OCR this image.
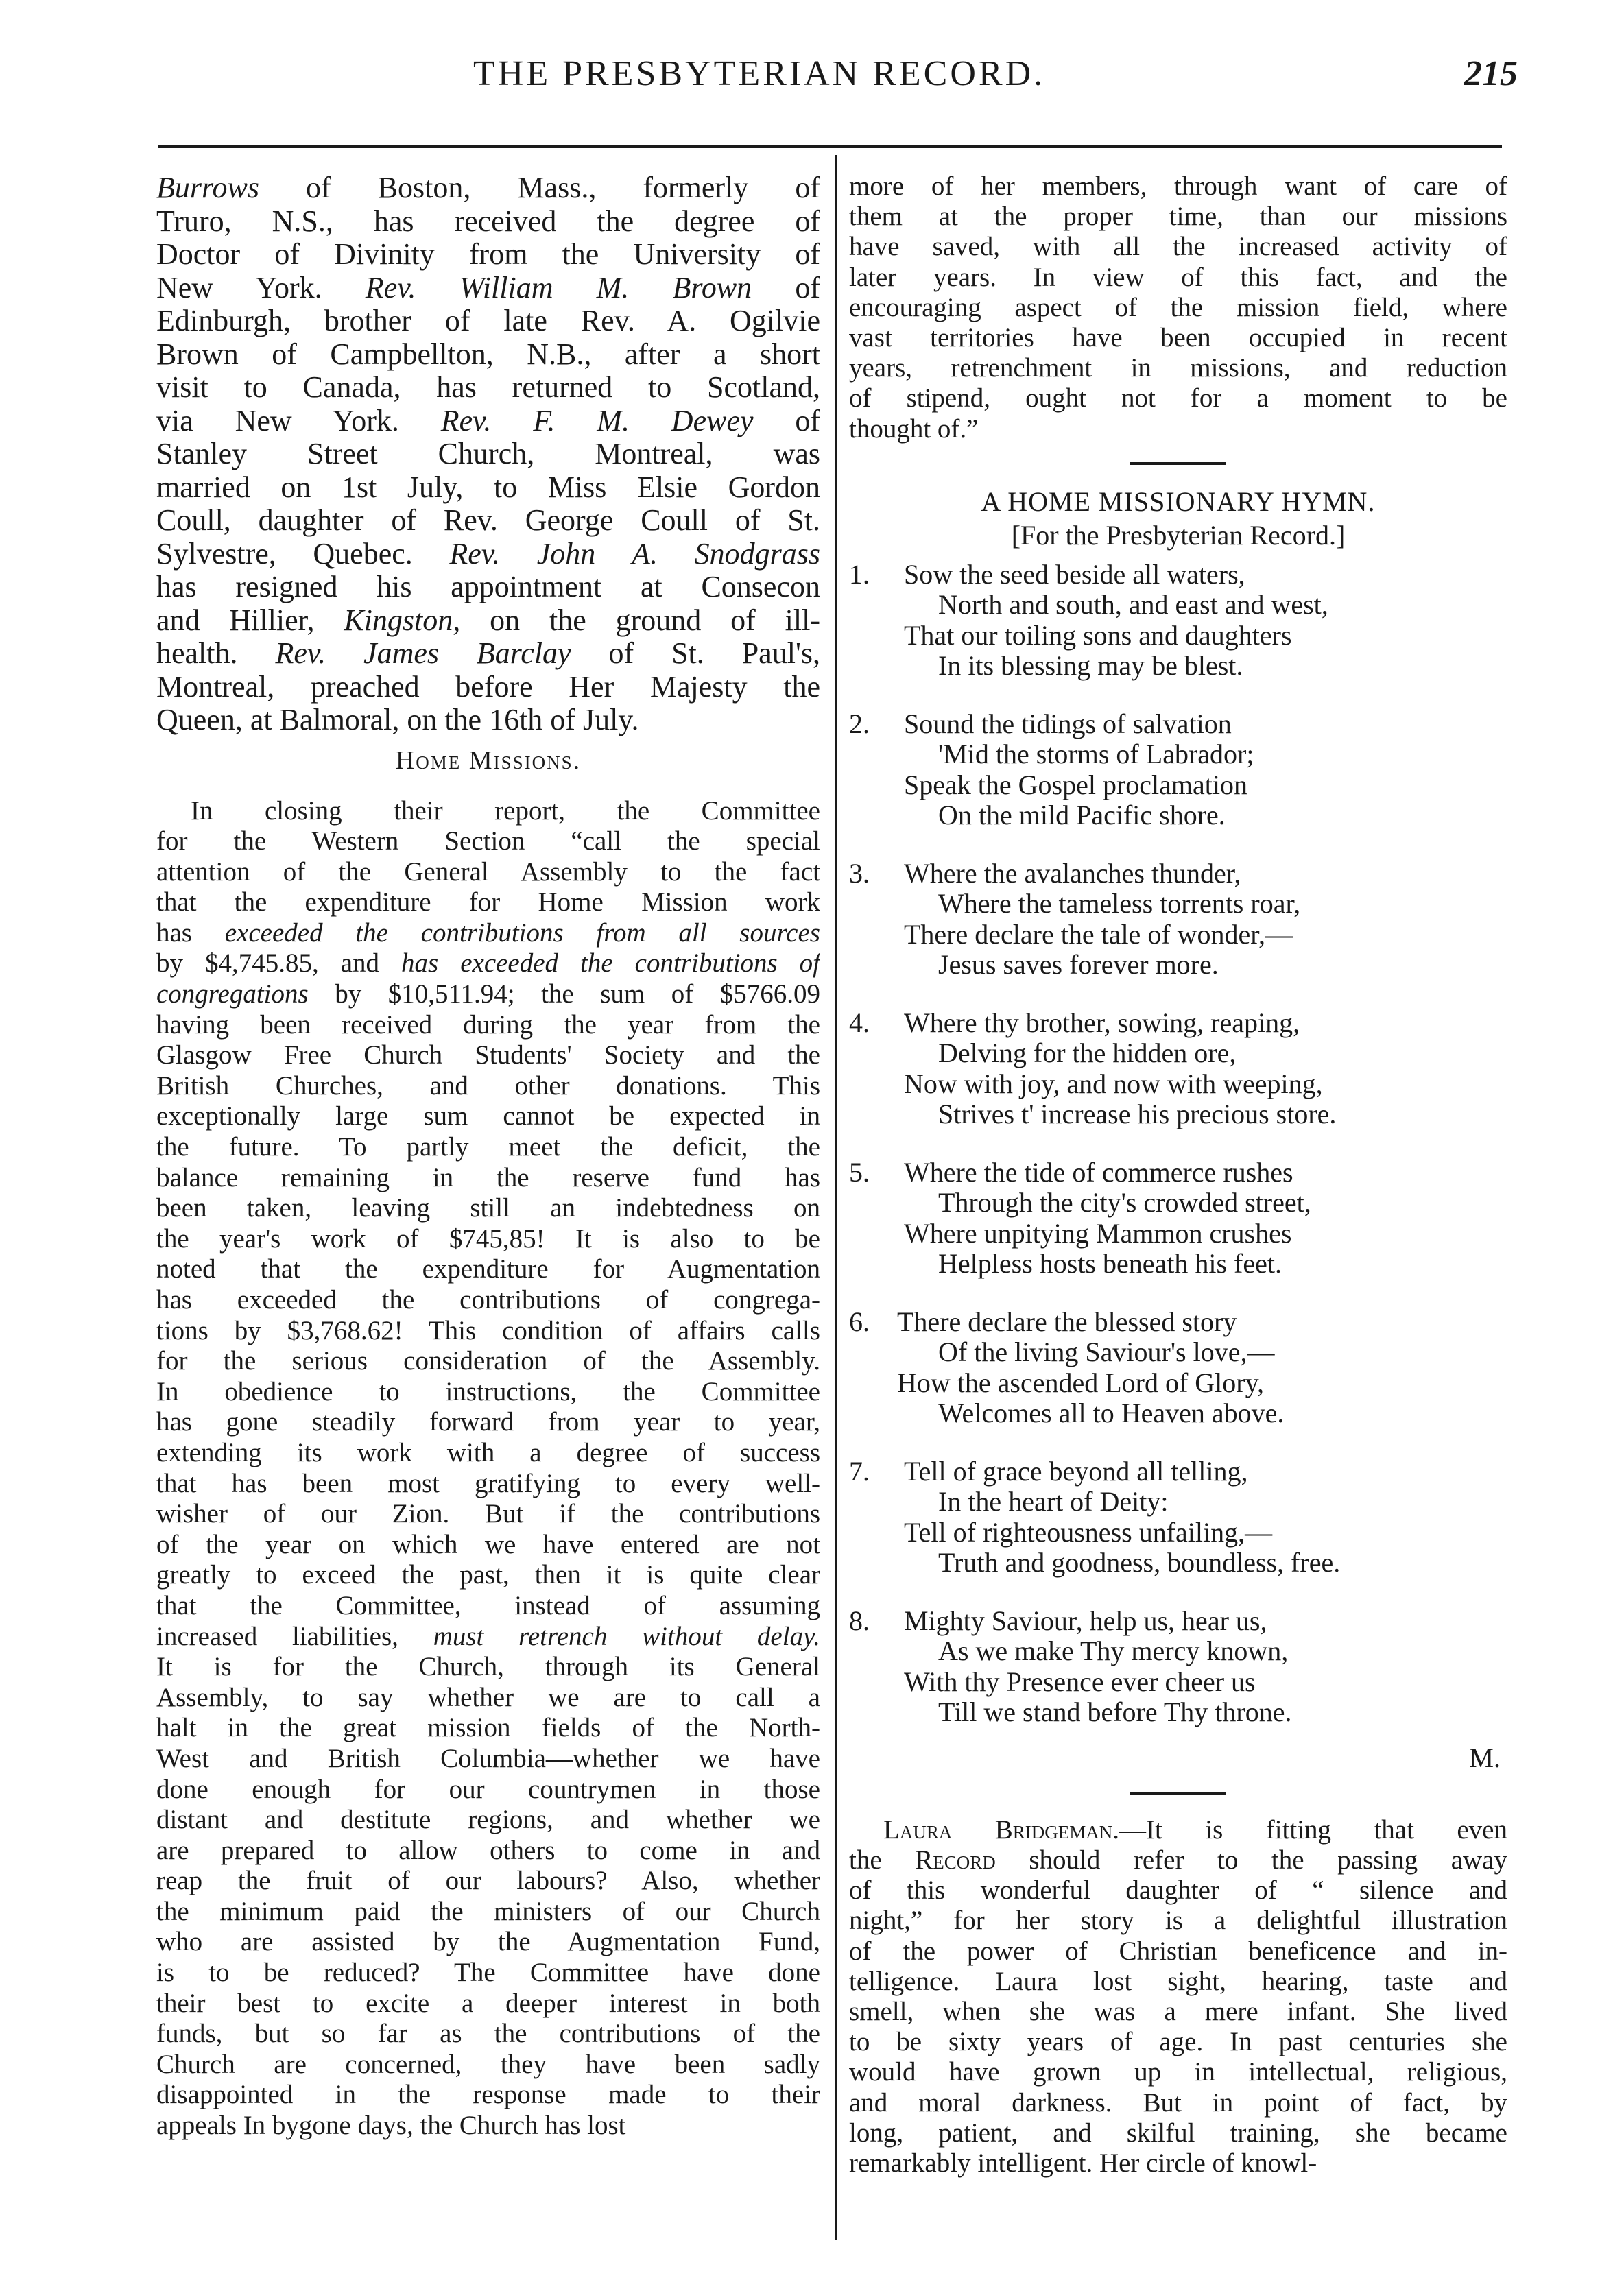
THE PRESBYTERIAN RECORD.	215

Burrows of Boston, Mass., formerly of
Truro, N.S., has received the degree of
Doctor of Divinity from the University of
New York. Rev. William M. Brown of
Edinburgh, brother of late Rev. A. Ogilvie
Brown of Campbellton, N.B., after a short
visit to Canada, has returned to Scotland,
via New York. Rev. F. M. Dewey of
Stanley Street Church, Montreal, was
married on 1st July, to Miss Elsie Gordon
Coull, daughter of Rev. George Coull of St.
Sylvestre, Quebec. Rev. John A. Snodgrass
has resigned his appointment at Consecon
and Hillier, Kingston, on the ground of ill-
health. Rev. James Barclay of St. Paul's,
Montreal, preached before Her Majesty the
Queen, at Balmoral, on the 16th of July.

Home Missions.

In closing their report, the Committee
for the Western Section “call the special
attention of the General Assembly to the fact
that the expenditure for Home Mission work
has exceeded the contributions from all sources
by $4,745.85, and has exceeded the contributions of
congregations by $10,511.94; the sum of $5766.09
having been received during the year from the
Glasgow Free Church Students' Society and the
British Churches, and other donations. This
exceptionally large sum cannot be expected in
the future. To partly meet the deficit, the
balance remaining in the reserve fund has
been taken, leaving still an indebtedness on
the year's work of $745,85! It is also to be
noted that the expenditure for Augmentation
has exceeded the contributions of congrega-
tions by $3,768.62! This condition of affairs calls
for the serious consideration of the Assembly.
In obedience to instructions, the Committee
has gone steadily forward from year to year,
extending its work with a degree of success
that has been most gratifying to every well-
wisher of our Zion. But if the contributions
of the year on which we have entered are not
greatly to exceed the past, then it is quite clear
that the Committee, instead of assuming
increased liabilities, must retrench without delay.
It is for the Church, through its General
Assembly, to say whether we are to call a
halt in the great mission fields of the North-
West and British Columbia—whether we have
done enough for our countrymen in those
distant and destitute regions, and whether we
are prepared to allow others to come in and
reap the fruit of our labours? Also, whether
the minimum paid the ministers of our Church
who are assisted by the Augmentation Fund,
is to be reduced? The Committee have done
their best to excite a deeper interest in both
funds, but so far as the contributions of the
Church are concerned, they have been sadly
disappointed in the response made to their
appeals In bygone days, the Church has lost

more of her members, through want of care of
them at the proper time, than our missions
have saved, with all the increased activity of
later years. In view of this fact, and the
encouraging aspect of the mission field, where
vast territories have been occupied in recent
years, retrenchment in missions, and reduction
of stipend, ought not for a moment to be
thought of.”

A HOME MISSIONARY HYMN.
[For the Presbyterian Record.]
1.	Sow the seed beside all waters,
North and south, and east and west,
That our toiling sons and daughters
In its blessing may be blest.
2.	Sound the tidings of salvation
'Mid the storms of Labrador;
Speak the Gospel proclamation
On the mild Pacific shore.
3.	Where the avalanches thunder,
Where the tameless torrents roar,
There declare the tale of wonder,—
Jesus saves forever more.
4.	Where thy brother, sowing, reaping,
Delving for the hidden ore,
Now with joy, and now with weeping,
Strives t' increase his precious store.
5.	Where the tide of commerce rushes
Through the city's crowded street,
Where unpitying Mammon crushes
Helpless hosts beneath his feet.
6.	There declare the blessed story
Of the living Saviour's love,—
How the ascended Lord of Glory,
Welcomes all to Heaven above.
7.	Tell of grace beyond all telling,
In the heart of Deity:
Tell of righteousness unfailing,—
Truth and goodness, boundless, free.
8.	Mighty Saviour, help us, hear us,
As we make Thy mercy known,
With thy Presence ever cheer us
Till we stand before Thy throne.
M.

Laura Bridgeman.—It is fitting that even
the Record should refer to the passing away
of this wonderful daughter of “ silence and
night,” for her story is a delightful illustration
of the power of Christian beneficence and in-
telligence. Laura lost sight, hearing, taste and
smell, when she was a mere infant. She lived
to be sixty years of age. In past centuries she
would have grown up in intellectual, religious,
and moral darkness. But in point of fact, by
long, patient, and skilful training, she became
remarkably intelligent. Her circle of knowl-
